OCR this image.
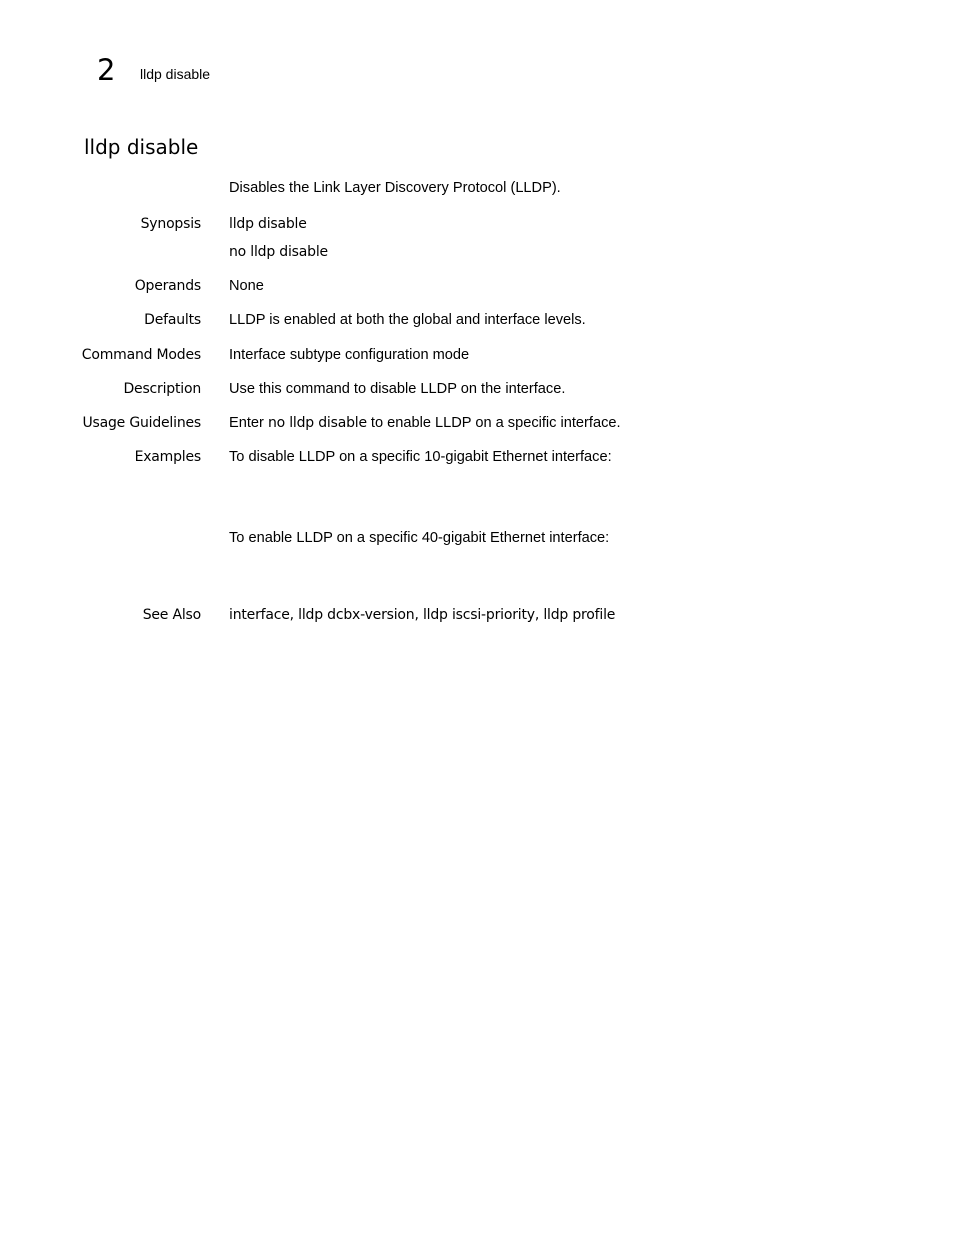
2 lldp disable
lldp disable
Disables the Link Layer Discovery Protocol (LLDP).
Synopsis lldp disable
no lldp disable
Operands None
Defaults LLDP is enabled at both the global and interface levels.
Command Modes Interface subtype configuration mode
Description Use this command to disable LLDP on the interface.
Usage Guidelines Enter no lldp disable to enable LLDP on a specific interface.
Examples To disable LLDP on a specific 10-gigabit Ethernet interface:
To enable LLDP on a specific 40-gigabit Ethernet interface:
See Also interface, lldp dcbx-version, lldp iscsi-priority, lldp profile
